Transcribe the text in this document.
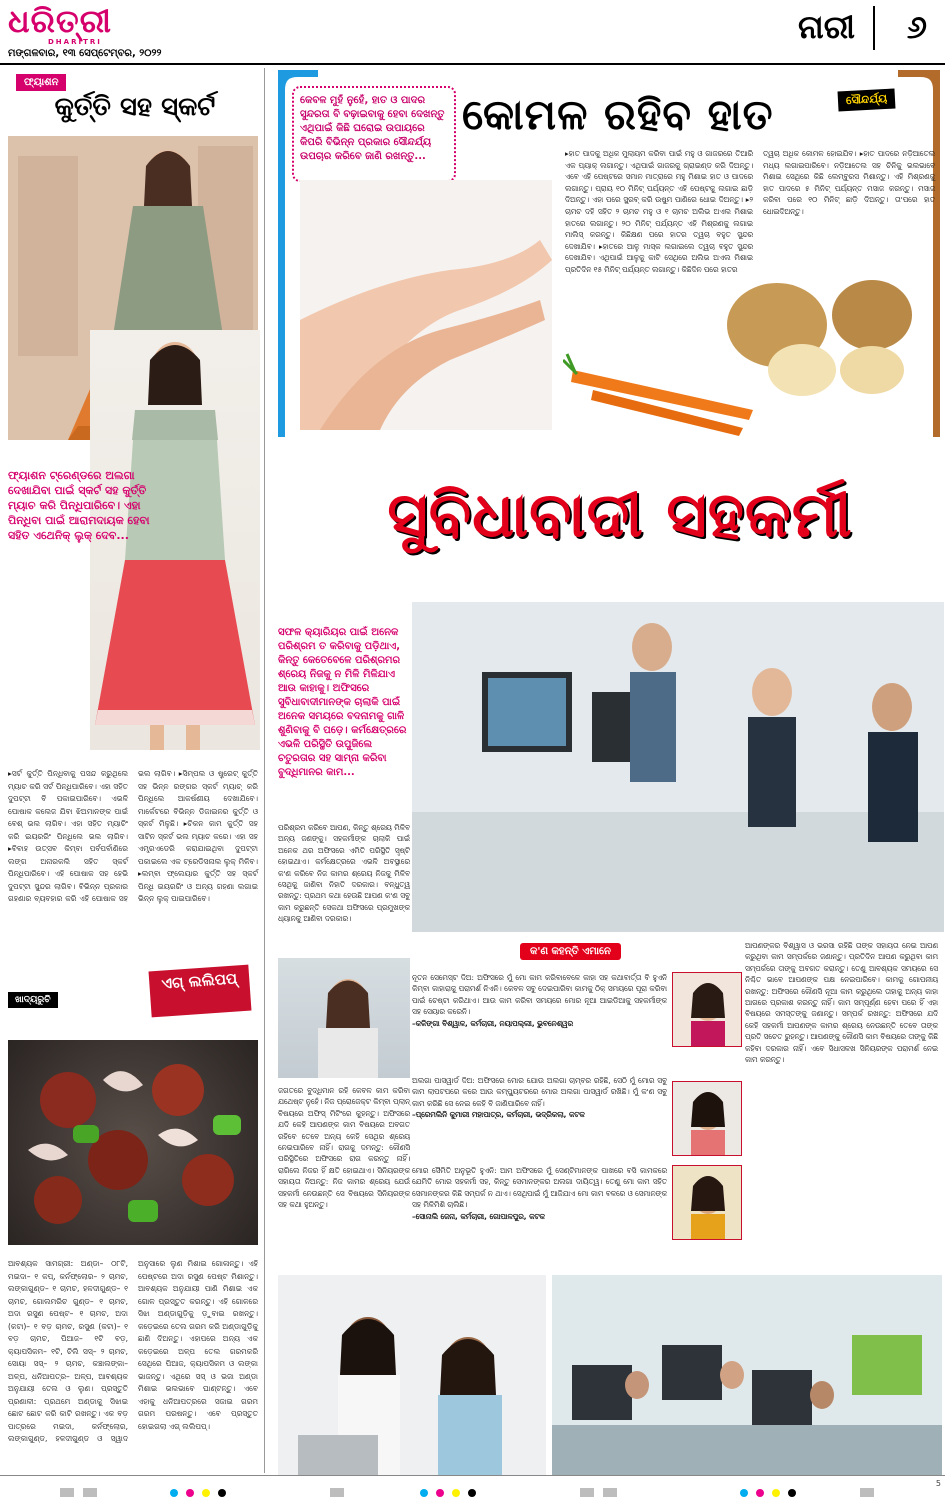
ଧରିତ୍ରୀ
DHARITRI
ମଙ୍ଗଳବାର, ୧୩ ସେପ୍ଟେମ୍ବର, ୨୦୨୨
ନାରୀ ୬
ଫ୍ୟାଶନ
କୁର୍ତ୍ତି ସହ ସ୍କର୍ଟ
ଫ୍ୟାଶନ ଟ୍ରେଣ୍ଡରେ ଅଲଗା ଦେଖାଯିବା ପାଇଁ ସ୍କର୍ଟ ସହ କୁର୍ତ୍ତି ମ୍ୟାଚ କରି ପିନ୍ଧିପାରିବେ। ଏହା ପିନ୍ଧିବା ପାଇଁ ଆରାମଦାୟକ ହେବା ସହିତ ଏଥେନିକ୍ ଲୁକ୍ ଦେବ...
▸ସର୍ଟ କୁର୍ତ୍ତି ପିନ୍ଧିବାକୁ ପସନ୍ଦ କରୁଥିଲେ ମ୍ୟାଚ କରି ସର୍ଟ ପିନ୍ଧିପାରିବେ। ଏହା ସହିତ ଦୁପଟ୍ଟା ବି ପକାଇପାରିବେ। ଏଭଳି ପୋଷାକ କଲେଜ ଯିବା ଝିଅମାନଙ୍କ ପାଇଁ ବେଶ୍ ଭଲ ଲାଗିବ। ଏହା ସହିତ ମ୍ୟାଚିଂ କରି ଇୟରରିଂ ପିନ୍ଧିଲେ ଭଲ ଲାଗିବ। ▸ବିବାହ ଉତ୍ସବ କିମ୍ବା ପର୍ବପର୍ବାଣିରେ ଲଙ୍ଗ ଅନାରକଲି ସହିତ ସ୍କର୍ଟ ପିନ୍ଧିପାରିବେ। ଏହି ପୋଷାକ ସହ ହେଭି ଦୁପଟ୍ଟା ସୁନ୍ଦର ଲାଗିବ। ବିଭିନ୍ନ ପ୍ରକାର ଗହଣାର ବ୍ୟବହାର କରି ଏହି ପୋଷାକ ସହ ଭଲ ଲାଗିବ। ▸ସିମ୍ପଲ ଓ ଷ୍ଟ୍ରେଟ୍ କୁର୍ତ୍ତି ସହ ଭିନ୍ନ ରଙ୍ଗର ସ୍କର୍ଟ ମ୍ୟାଚ୍ କରି ପିନ୍ଧିଲେ ଆକର୍ଷଣୀୟ ଦେଖାଯିବେ। ମାର୍କେଟରେ ବିଭିନ୍ନ ଡିଜାଇନର କୁର୍ତ୍ତି ଓ ସ୍କର୍ଟ ମିଳୁଛି। ▸ଚିକନ କାମ କୁର୍ତ୍ତି ସହ ସାଟିନ ସ୍କର୍ଟ ଭଲ ମ୍ୟାଚ କରେ। ଏହା ସହ ଏମ୍ବ୍ରଏଡେରି କରାଯାଇଥିବା ଦୁପଟ୍ଟା ପକାଇଲେ ଏକ ଟ୍ରେଡିସନାଲ ଲୁକ୍ ମିଳିବ। ▸ଲମ୍ବା ଫ୍ଲେୟାର କୁର୍ତ୍ତି ସହ ସ୍କର୍ଟ ପିନ୍ଧି ଇୟରରିଂ ଓ ଅନ୍ୟ ଗହଣା ଲଗାଇ ଭିନ୍ନ ଲୁକ୍ ପାଇପାରିବେ।
ଖାଦ୍ୟରୁଚି
ଏଗ୍ ଲଲିପପ୍
ଆବଶ୍ୟକ ସାମଗ୍ରୀ: ଅଣ୍ଡା– ୦୮ଟି, ମଇଦା– ୧ କପ୍, କର୍ନଫ୍ଲୋର– ୨ ଚାମଚ, ଲଙ୍କାଗୁଣ୍ଡ– ୧ ଚାମଚ, ହଳଦୀଗୁଣ୍ଡ– ୧ ଚାମଚ, ଗୋଲମରିଚ ଗୁଣ୍ଡ– ୧ ଚାମଚ, ଅଦା ରସୁଣ ପେଷ୍ଟ– ୧ ଚାମଚ, ଅଦା (କଟା)– ୧ ବଡ଼ ଚାମଚ, ରସୁଣ (କଟା)– ୧ ବଡ଼ ଚାମଚ, ପିଆଜ– ୧ଟି ବଡ଼, କ୍ୟାପସିକମ– ୧ଟି, ଚିଲି ସସ୍– ୨ ଚାମଚ, ସୋୟା ସସ୍– ୨ ଚାମଚ, କଞ୍ଚାଲଙ୍କା– ଅଳ୍ପ, ଧନିଆପତ୍ର– ଅଳ୍ପ, ଆବଶ୍ୟକ ଅନୁଯାୟୀ ତେଲ ଓ ଲୁଣ। ପ୍ରସ୍ତୁତି ପ୍ରଣାଳୀ: ପ୍ରଥମେ ଅଣ୍ଡାକୁ ସିଝାଇ ଛୋଟ ଛୋଟ କରି କାଟି ରଖନ୍ତୁ। ଏକ ବଡ଼ ପାତ୍ରରେ ମଇଦା, କର୍ନଫ୍ଲୋର, ଲଙ୍କାଗୁଣ୍ଡ, ହଳଦୀଗୁଣ୍ଡ ଓ ସ୍ୱାଦ ଅନୁସାରେ ଲୁଣ ମିଶାଇ ଗୋଳାନ୍ତୁ। ଏହି ପେଷ୍ଟରେ ଅଦା ରସୁଣ ପେଷ୍ଟ ମିଶାନ୍ତୁ। ଆବଶ୍ୟକ ଅନୁଯାୟୀ ପାଣି ମିଶାଇ ଏକ ଗୋଳ ପ୍ରସ୍ତୁତ କରନ୍ତୁ। ଏହି ଗୋଳରେ ସିଝା ଅଣ୍ଡାଗୁଡ଼ିକୁ ଡ଼ୁବାଇ ରଖନ୍ତୁ। କଡ଼େଇରେ ତେଲ ଗରମ କରି ଅଣ୍ଡାଗୁଡ଼ିକୁ ଛାଣି ଦିଅନ୍ତୁ। ଏହାପରେ ଅନ୍ୟ ଏକ କଡ଼େଇରେ ଅଳ୍ପ ତେଲ ଗରମକରି ସେଥିରେ ପିଆଜ, କ୍ୟାପସିକମ ଓ ଲଙ୍କା ଭାଜନ୍ତୁ। ଏଥିରେ ସସ୍ ଓ ଭଜା ଅଣ୍ଡା ମିଶାଇ ଭଲଭାବେ ଘାଣ୍ଟନ୍ତୁ। ଏବେ ଏହାକୁ ଧନିଆପତ୍ରରେ ସଜାଇ ଗରମ ଗରମ ପରଷନ୍ତୁ। ଏବେ ପ୍ରସ୍ତୁତ ହୋଇଗଲା ଏଗ୍ ଲଲିପପ୍।
କେବଳ ମୁହଁ ନୁହେଁ, ହାତ ଓ ପାଦର ସୁନ୍ଦରତା ବି ବଢ଼ାଇବାକୁ ହେବା ଦେଖନ୍ତୁ ଏଥିପାଇଁ କିଛି ଘରୋଇ ଉପାୟରେ କିପରି ବିଭିନ୍ନ ପ୍ରକାର ସୌନ୍ଦର୍ଯ୍ୟ ଉପଚାର କରିବେ ଜାଣି ରଖନ୍ତୁ...
କୋମଳ ରହିବ ହାତ	ସୌନ୍ଦର୍ଯ୍ୟ
▸ହାତ ପାଦକୁ ଅଧିକ ମୁଲାୟମ କରିବା ପାଇଁ ମହୁ ଓ ଗାଜରରେ ତିଆରି ଏକ ପ୍ୟାକ୍ ଲଗାନ୍ତୁ। ଏଥିପାଇଁ ଗାଜରକୁ ଗ୍ରାଇଣ୍ଡ କରି ଦିଅନ୍ତୁ। ଏବେ ଏହି ପେଷ୍ଟରେ ସମାନ ମାତ୍ରାରେ ମହୁ ମିଶାଇ ହାତ ଓ ପାଦରେ ଲଗାନ୍ତୁ। ପ୍ରାୟ ୧୦ ମିନିଟ୍ ପର୍ଯ୍ୟନ୍ତ ଏହି ପେଷ୍ଟକୁ ଲଗାଇ ଛାଡ଼ି ଦିଅନ୍ତୁ। ଏହା ପରେ ସ୍କ୍ରବ୍ କରି ଉଷୁମ ପାଣିରେ ଧୋଇ ଦିଅନ୍ତୁ। ▸୨ ଚାମଚ ଦହି ସହିତ ୨ ଚାମଚ ମହୁ ଓ ୧ ଚାମଚ ଅଲିଭ ଅଏଲ ମିଶାଇ ହାତରେ ଲଗାନ୍ତୁ। ୨୦ ମିନିଟ୍ ପର୍ଯ୍ୟନ୍ତ ଏହି ମିଶ୍ରଣକୁ ଲଗାଇ ମାଲିସ୍ କରନ୍ତୁ। କିଛିକ୍ଷଣ ପରେ ହାତର ତ୍ୱଚା ବହୁତ ସୁନ୍ଦର ଦେଖାଯିବ। ▸ହାତରେ ଆଳୁ ମାସ୍କ ଲଗାଇଲେ ତ୍ୱଚା ବହୁତ ସୁନ୍ଦର ଦେଖାଯିବ। ଏଥିପାଇଁ ଆଳୁକୁ କାଟି ସେଥିରେ ଅଲିଭ ଅଏଲ ମିଶାଇ ପ୍ରତିଦିନ ୧୫ ମିନିଟ୍ ପର୍ଯ୍ୟନ୍ତ ଲଗାନ୍ତୁ। କିଛିଦିନ ପରେ ହାତର
ତ୍ୱଚା ଅଧିକ କୋମଳ ହୋଇଯିବ। ▸ହାତ ପାଦରେ ନଡ଼ିଆତେଲ ମଧ୍ୟ ଲଗାଇପାରିବେ। ନଡ଼ିଆତେଲ ସହ ଚିନିକୁ ଭଲଭାବେ ମିଶାଇ ସେଥିରେ କିଛି ଲେମ୍ବୁରସ ମିଶାନ୍ତୁ। ଏହି ମିଶ୍ରଣକୁ ହାତ ପାଦରେ ୫ ମିନିଟ୍ ପର୍ଯ୍ୟନ୍ତ ମସାଜ କରନ୍ତୁ। ମସାଜ କରିବା ପରେ ୧୦ ମିନିଟ୍ ଛାଡ଼ି ଦିଅନ୍ତୁ। ତା'ପରେ ହାତ ଧୋଇଦିଅନ୍ତୁ।
ସୁବିଧାବାଦୀ ସହକର୍ମୀ
ସଫଳ କ୍ୟାରିୟର ପାଇଁ ଅନେକ ପରିଶ୍ରମ ତ କରିବାକୁ ପଡ଼ିଥାଏ, କିନ୍ତୁ କେତେବେଳେ ପରିଶ୍ରମର ଶ୍ରେୟ ନିଜକୁ ନ ମିଳି ମିଳିଯାଏ ଆଉ କାହାକୁ। ଅଫିସରେ ସୁବିଧାବାଦୀମାନଙ୍କ ଚାଲାକି ପାଇଁ ଅନେକ ସମୟରେ ବଦନାମକୁ ଗାଳି ଶୁଣିବାକୁ ବି ପଡ଼େ। କର୍ମକ୍ଷେତ୍ରରେ ଏଭଳି ପରିସ୍ଥିତି ଉପୁଜିଲେ ଚତୁରତାର ସହ ସାମ୍ନା କରିବା ବୁଦ୍ଧିମାନର କାମ...
ପରିଶ୍ରମ କରିବେ ଆପଣ, କିନ୍ତୁ ଶ୍ରେୟ ମିଳିବ ଅନ୍ୟ ଜଣଙ୍କୁ। ସହକର୍ମୀଙ୍କ ଚାଲାକି ପାଇଁ ଅନେକ ଥର ଅଫିସରେ ଏମିତି ପରିସ୍ଥିତି ସୃଷ୍ଟି ହୋଇଥାଏ। କର୍ମକ୍ଷେତ୍ରରେ ଏଭଳି ଅବସ୍ଥାରେ କ'ଣ କରିବେ ନିଜ କାମର ଶ୍ରେୟ ନିଜକୁ ମିଳିବ ସେଥିକୁ ଜାଣିବା ନିହାତି ଦରକାର। ବନ୍ଧୁତ୍ୱ ରଖନ୍ତୁ: ପ୍ରଥମ କଥା ହେଉଛି ଆପଣ କ'ଣ ସବୁ କାମ କରୁଛନ୍ତି ସେକଥା ଅଫିସରେ ପ୍ରମୁଖଙ୍କ ଧ୍ୟାନକୁ ଆଣିବା ଦରକାର।
ଜଗତରେ ବୁଦ୍ଧିମାନ ରହି କେବଳ କାମ କରିବା ଯଥେଷ୍ଟ ନୁହେଁ। ନିଜ ପ୍ରୋଜେକ୍ଟ କିମ୍ବା ପ୍ଲାନ୍ ବିଷୟରେ ଅଫିସ୍ ମିଟିଂରେ କୁହନ୍ତୁ। ଅଫିସରେ ଯଦି କେହି ଆପଣଙ୍କ କାମ ବିଷୟରେ ଅବଗତ ରହିବେ ତେବେ ଅନ୍ୟ କେହି ସେଥିର ଶ୍ରେୟ ନେଇପାରିବେ ନାହିଁ। ରାଗକୁ ଦମନ୍ତୁ: କୌଣସି ପରିସ୍ଥିତିରେ ଅଫିସରେ ରାଗ କରନ୍ତୁ ନାହିଁ। ରାଗିଲେ ନିଜର ହିଁ କ୍ଷତି ହୋଇଥାଏ। ସିନିୟରଙ୍କ ସହାୟତା ନିଅନ୍ତୁ: ନିଜ କାମର ଶ୍ରେୟ ଯେଉଁ ସହକର୍ମୀ ନେଉଛନ୍ତି ସେ ବିଷୟରେ ସିନିୟରଙ୍କ ସହ କଥା ହୁଅନ୍ତୁ।
କ'ଣ କହନ୍ତି ଏମାନେ
ନୂତନ ସେମେସ୍ଟ ଦିଅ: ଅଫିସରେ ମୁଁ ମୋ କାମ କରିବାବେଳେ କାହା ସହ କଥାବାର୍ତ୍ତା ବି ହୁଏନି କିମ୍ବା କାହାରାକୁ ପରାମର୍ଶ ନିଏନି। କେବଳ ସବୁ ଦେଇପାରିବା କାମକୁ ଠିକ୍ ସମୟରେ ପୂରା କରିବା ପାଇଁ ଚେଷ୍ଟା କରିଥାଏ। ଆଉ କାମ କରିବା ସମୟରେ ମୋର ନୂଆ ଆଇଡିଆକୁ ସହକର୍ମୀଙ୍କ ସହ ସେୟାର କରେନି।
–କଳିଙ୍ଗା ବିଶ୍ୱାଳ, କର୍ମଚାରୀ, ନୟାପଲ୍ଲୀ, ଭୁବନେଶ୍ୱର
ଅଲଗା ପାସୱାର୍ଡ ଦିଅ: ଅଫିସରେ ମୋର ଯୋଉ ଅଲଗା ଚାମ୍ବର ରହିଛି, ସେଠି ମୁଁ ମୋର ସବୁ କାମ ଲାପଟପରେ କରେ ଆଉ କମ୍ପ୍ୟୁଟରରେ ମୋର ଅଲଗା ପାସୱାର୍ଡ ରଖିଛି। ମୁଁ କ'ଣ ସବୁ କାମ କରିଛି ସେ ନେଇ କେହି ବି ଜାଣିପାରିବେ ନାହିଁ।
–ପ୍ରେମଲିନି କୁମାରୀ ମହାପାତ୍ର, କର୍ମଚାରୀ, ଭଦ୍ରିକଲା, କଟକ
ମୋର ସୈମିତି ଅନୁଭୂତି ହୁଏନି: ଆମ ଅଫିସରେ ମୁଁ ସେଣ୍ଟିମାନଙ୍କ ପାଖରେ ବସି କାମକରେ ଯେମିତି ମୋର ସହକର୍ମୀ ସହ, କିନ୍ତୁ ସେମାନଙ୍କର ଅଲଗା ଦାୟିତ୍ୱ। ତେଣୁ ମୋ କାମ ସହିତ ସେମାନଙ୍କର କିଛି ସମ୍ପର୍କ ନ ଥାଏ। ସେଥିପାଇଁ ମୁଁ ଆଜିଯାଏ ମୋ କାମ ବଳରେ ଓ ସେମାନଙ୍କ ସହ ମିଳିମିଶି ଚାଲିଛି।
–ସୋନାଲି ଜେନା, କର୍ମଚାରୀ, ଗୋପାଳପୁର, କଟକ
ଆପଣଙ୍କର ବିଶ୍ୱାସ ଓ ଭରସା ରହିଛି ତାଙ୍କ ସହାୟତା ନେଇ ଆପଣ କରୁଥିବା କାମ ସମ୍ପର୍କରେ ଜଣାନ୍ତୁ। ପ୍ରତିଦିନ ଆପଣ କରୁଥିବା କାମ ସମ୍ପର୍କରେ ତାଙ୍କୁ ଅବଗତ କରାନ୍ତୁ। ତେଣୁ ଆବଶ୍ୟକ ସମୟରେ ସେ ନିଶ୍ଚିତ ଭାବେ ଆପଣଙ୍କ ପକ୍ଷ ନେଇପାରିବେ। କାମକୁ ଗୋପନୀୟ ରଖନ୍ତୁ: ଅଫିସରେ କୌଣସି ନୂଆ କାମ କରୁଥିଲେ ତାହାକୁ ଅନ୍ୟ କାହା ଆଗରେ ପ୍ରକାଶ କରନ୍ତୁ ନାହିଁ। କାମ ସମ୍ପୂର୍ଣ୍ଣ ହେବା ପରେ ହିଁ ଏହା ବିଷୟରେ ସମସ୍ତଙ୍କୁ ଜଣାନ୍ତୁ। ସମ୍ପର୍କ ରଖନ୍ତୁ: ଅଫିସରେ ଯଦି କେହି ସହକର୍ମୀ ଆପଣଙ୍କ କାମର ଶ୍ରେୟ ନେଉଛନ୍ତି ତେବେ ତାଙ୍କ ପ୍ରତି ସଚେତ ରୁହନ୍ତୁ। ଆପଣଙ୍କୁ କୌଣସି କାମ ବିଷୟରେ ତାଙ୍କୁ କିଛି କହିବା ଦରକାର ନାହିଁ। ଏବେ ସିଧାସଳଖ ସିନିୟରଙ୍କ ପରାମର୍ଶ ନେଇ କାମ କରନ୍ତୁ।

5
